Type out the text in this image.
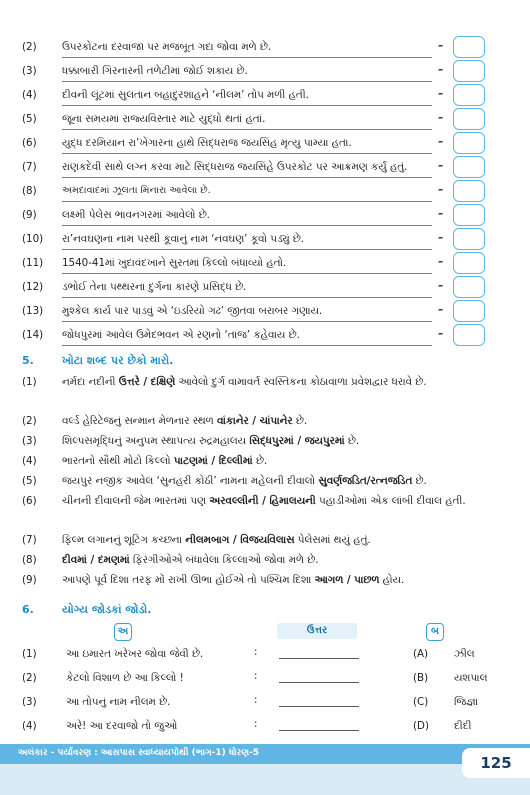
(2) ઉપરકોટના દરવાજા પર મજબૂત ગદા જોવા મળે છે.	–
(3) ધક્કાબારી ગિરનારની તળેટીમાં જોઈ શકાય છે.	–
(4) દીવની લૂંટમાં સુલતાન બહાદુરશાહને ‘નીલમ’ તોપ મળી હતી.	–
(5) જૂના સમયમાં રાજ્યવિસ્તાર માટે યુદ્ધો થતાં હતાં.	–
(6) યુદ્ધ દરમિયાન રા’ખેંગારના હાથે સિદ્ધરાજ જયસિંહ મૃત્યુ પામ્યા હતા.	–
(7) રાણકદેવી સાથે લગ્ન કરવા માટે સિદ્ધરાજ જયસિંહે ઉપરકોટ પર આક્રમણ કર્યું હતું.	–
(8)	અમદાવાદમાં ઝૂલતા મિનારા આવેલા છે.	–
(9) લક્ષ્મી પેલેસ ભાવનગરમાં આવેલો છે.	–
(10) રા’નવઘણના નામ પરથી કૂવાનું નામ ‘નવઘણ’ કૂવો પડ્યું છે.	–
(11) 1540-41માં ખુદાવંદખાને સુરતમાં કિલ્લો બંધાવ્યો હતો.	–
(12) ડભોઈ તેના પથ્થરના દુર્ગના કારણે પ્રસિદ્ધ છે.	–
(13) મુશ્કેલ કાર્ય પાર પાડવું એ ‘ઇડરિયો ગઢ’ જીતવા બરાબર ગણાય.	–
(14) જોધપુરમાં આવેલ ઉમેદભવન એ રણનો ‘તાજ’ કહેવાય છે.	–
5.	ખોટા શબ્દ પર છેકો મારો.
(1) નર્મદા નદીની ઉત્તરે / દક્ષિણે આવેલો દુર્ગ વામાવર્ત સ્વસ્તિકના કોઠાવાળા પ્રવેશદ્વાર ધરાવે છે.
(2) વર્લ્ડ હેરિટેજનું સન્માન મેળનાર સ્થળ વાંકાનેર / ચાંપાનેર છે.
(3) શિલ્પસમૃદ્ધિનું અનુપમ સ્થાપત્ય રુદ્રમહાલય સિદ્ધપુરમાં / જયપુરમાં છે.
(4) ભારતનો સૌથી મોટો કિલ્લો પાટણમાં / દિલ્લીમાં છે.
(5) જયપુર નજીક આવેલ ‘સુનહરી કોઠી’ નામના મહેલની દીવાલો સુવર્ણજડિત/રત્નજડિત છે.
(6) ચીનની દીવાલની જેમ ભારતમાં પણ અરવલ્લીની / હિમાલયની પહાડીઓમાં એક લાંબી દીવાલ હતી.
(7) ફિલ્મ લગાનનું શૂટિંગ કચ્છના નીલમબાગ / વિજયવિલાસ પેલેસમાં થયું હતું.
(8) દીવમાં / દમણમાં ફિરંગીઓએ બંધાવેલા કિલ્લાઓ જોવા મળે છે.
(9) આપણે પૂર્વ દિશા તરફ મોં રાખી ઊભા હોઈએ તો પશ્ચિમ દિશા આગળ / પાછળ હોય.
6.	યોગ્ય જોડકાં જોડો.
અ	ઉત્તર	બ
(1)	આ ઇમારત ખરેખર જોવા જેવી છે.	:	(A)	ઝીલ
(2)	કેટલો વિશાળ છે આ કિલ્લો !	:	(B)	યશપાલ
(3)	આ તોપનું નામ નીલમ છે.	:	(C)	જિજ્ઞા
(4)	અરે! આ દરવાજો તો જુઓ	:	(D) દીદી
અલંકાર - પર્યાવરણ : આસપાસ સ્વાધ્યાયપોથી (ભાગ-1) ધોરણ-5
125
